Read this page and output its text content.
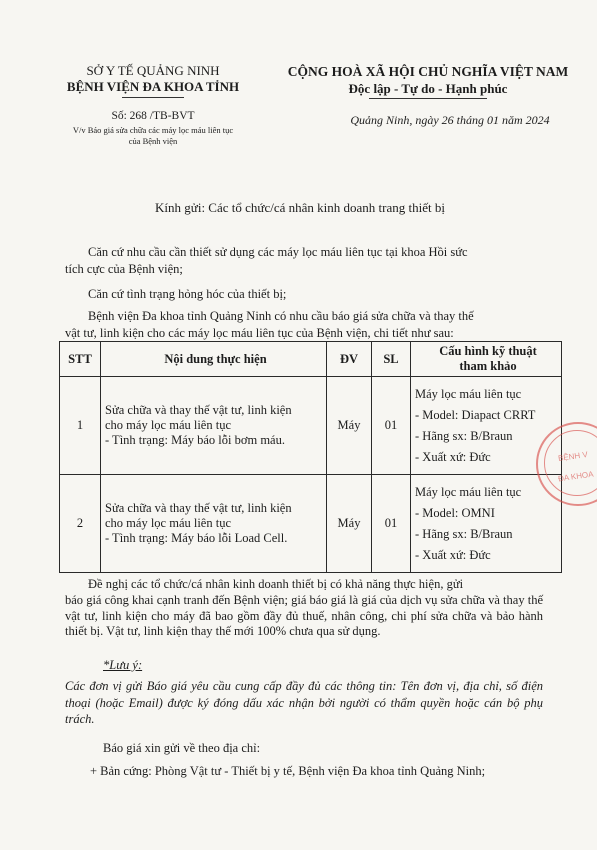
SỞ Y TẾ QUẢNG NINH
BỆNH VIỆN ĐA KHOA TỈNH
Số: 268 /TB-BVT
V/v Báo giá sửa chữa các máy lọc máu liên tục
của Bệnh viện
CỘNG HOÀ XÃ HỘI CHỦ NGHĨA VIỆT NAM
Độc lập - Tự do - Hạnh phúc
Quảng Ninh, ngày 26 tháng 01 năm 2024
Kính gửi: Các tổ chức/cá nhân kinh doanh trang thiết bị
Căn cứ nhu cầu cần thiết sử dụng các máy lọc máu liên tục tại khoa Hồi sức
tích cực của Bệnh viện;
Căn cứ tình trạng hỏng hóc của thiết bị;
Bệnh viện Đa khoa tỉnh Quảng Ninh có nhu cầu báo giá sửa chữa và thay thế
vật tư, linh kiện cho các máy lọc máu liên tục của Bệnh viện, chi tiết như sau:
STT	Nội dung thực hiện	ĐV	SL	Cấu hình kỹ thuật
tham khảo

1	Sửa chữa và thay thế vật tư, linh kiện
cho máy lọc máu liên tục
- Tình trạng: Máy báo lỗi bơm máu.	Máy	01	Máy lọc máu liên tục
- Model: Diapact CRRT
- Hãng sx: B/Braun
- Xuất xứ: Đức

2	Sửa chữa và thay thế vật tư, linh kiện
cho máy lọc máu liên tục
- Tình trạng: Máy báo lỗi Load Cell.	Máy	01	Máy lọc máu liên tục
- Model: OMNI
- Hãng sx: B/Braun
- Xuất xứ: Đức
BỆNH V
ĐA KHOA
Đề nghị các tổ chức/cá nhân kinh doanh thiết bị có khả năng thực hiện, gửi
báo giá công khai cạnh tranh đến Bệnh viện; giá báo giá là giá của dịch vụ sửa chữa và thay thế vật tư, linh kiện cho máy đã bao gồm đầy đủ thuế, nhân công, chi phí sửa chữa và bảo hành thiết bị. Vật tư, linh kiện thay thế mới 100% chưa qua sử dụng.
*Lưu ý:
Các đơn vị gửi Báo giá yêu cầu cung cấp đầy đủ các thông tin: Tên đơn vị, địa chỉ, số điện thoại (hoặc Email) được ký đóng dấu xác nhận bởi người có thẩm quyền hoặc cán bộ phụ trách.
Báo giá xin gửi về theo địa chỉ:
+ Bản cứng: Phòng Vật tư - Thiết bị y tế, Bệnh viện Đa khoa tỉnh Quảng Ninh;
